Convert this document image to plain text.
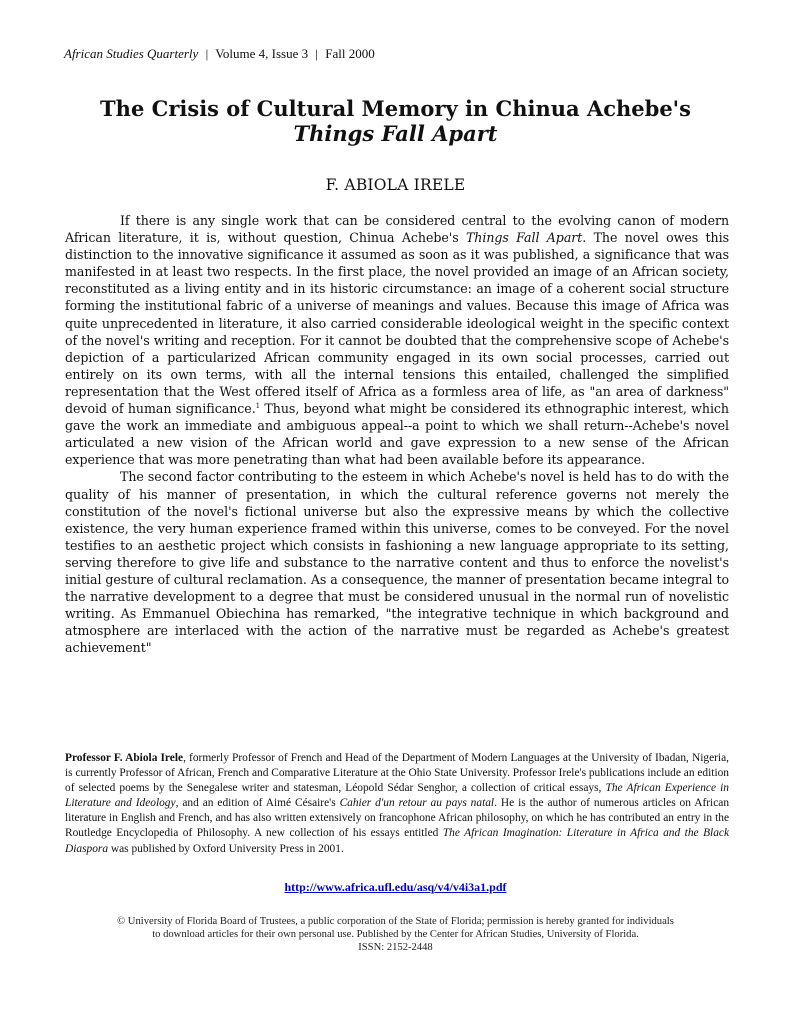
African Studies Quarterly | Volume 4, Issue 3 | Fall 2000
The Crisis of Cultural Memory in Chinua Achebe's Things Fall Apart
F. ABIOLA IRELE

If there is any single work that can be considered central to the evolving canon of modern African literature, it is, without question, Chinua Achebe's Things Fall Apart. The novel owes this distinction to the innovative significance it assumed as soon as it was published, a significance that was manifested in at least two respects. In the first place, the novel provided an image of an African society, reconstituted as a living entity and in its historic circumstance: an image of a coherent social structure forming the institutional fabric of a universe of meanings and values. Because this image of Africa was quite unprecedented in literature, it also carried considerable ideological weight in the specific context of the novel's writing and reception. For it cannot be doubted that the comprehensive scope of Achebe's depiction of a particularized African community engaged in its own social processes, carried out entirely on its own terms, with all the internal tensions this entailed, challenged the simplified representation that the West offered itself of Africa as a formless area of life, as "an area of darkness" devoid of human significance.$^1$ Thus, beyond what might be considered its ethnographic interest, which gave the work an immediate and ambiguous appeal--a point to which we shall return--Achebe's novel articulated a new vision of the African world and gave expression to a new sense of the African experience that was more penetrating than what had been available before its appearance.

The second factor contributing to the esteem in which Achebe's novel is held has to do with the quality of his manner of presentation, in which the cultural reference governs not merely the constitution of the novel's fictional universe but also the expressive means by which the collective existence, the very human experience framed within this universe, comes to be conveyed. For the novel testifies to an aesthetic project which consists in fashioning a new language appropriate to its setting, serving therefore to give life and substance to the narrative content and thus to enforce the novelist's initial gesture of cultural reclamation. As a consequence, the manner of presentation became integral to the narrative development to a degree that must be considered unusual in the normal run of novelistic writing. As Emmanuel Obiechina has remarked, "the integrative technique in which background and atmosphere are interlaced with the action of the narrative must be regarded as Achebe's greatest achievement"

Professor F. Abiola Irele, formerly Professor of French and Head of the Department of Modern Languages at the University of Ibadan, Nigeria, is currently Professor of African, French and Comparative Literature at the Ohio State University. Professor Irele's publications include an edition of selected poems by the Senegalese writer and statesman, Léopold Sédar Senghor, a collection of critical essays, The African Experience in Literature and Ideology, and an edition of Aimé Césaire's Cahier d'un retour au pays natal. He is the author of numerous articles on African literature in English and French, and has also written extensively on francophone African philosophy, on which he has contributed an entry in the Routledge Encyclopedia of Philosophy. A new collection of his essays entitled The African Imagination: Literature in Africa and the Black Diaspora was published by Oxford University Press in 2001.
http://www.africa.ufl.edu/asq/v4/v4i3a1.pdf
© University of Florida Board of Trustees, a public corporation of the State of Florida; permission is hereby granted for individuals
to download articles for their own personal use. Published by the Center for African Studies, University of Florida.
ISSN: 2152-2448
